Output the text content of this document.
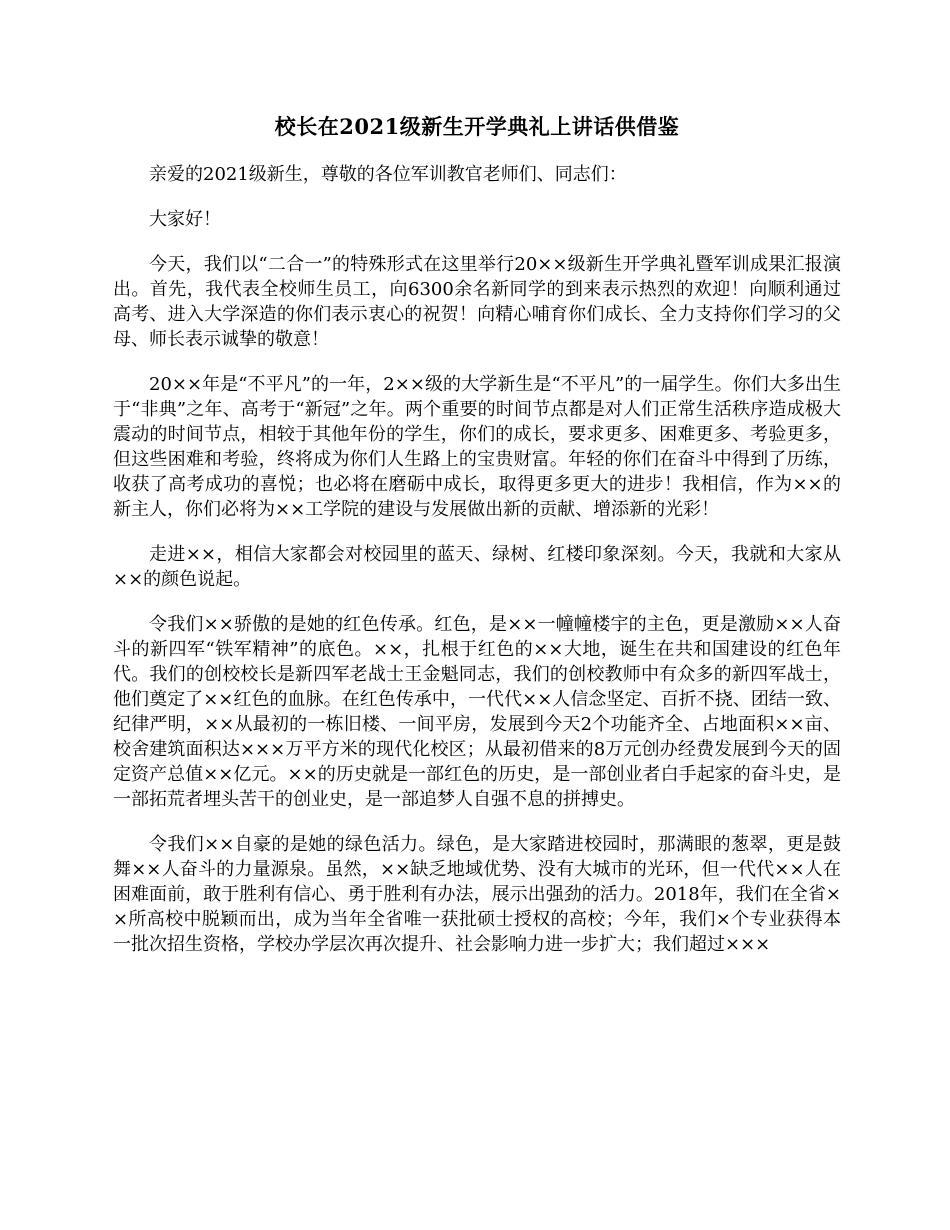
校长在2021级新生开学典礼上讲话供借鉴

亲爱的2021级新生，尊敬的各位军训教官老师们、同志们：

大家好！

今天，我们以“二合一”的特殊形式在这里举行20××级新生开学典礼暨军训成果汇报演出。首先，我代表全校师生员工，向6300余名新同学的到来表示热烈的欢迎！向顺利通过高考、进入大学深造的你们表示衷心的祝贺！向精心哺育你们成长、全力支持你们学习的父母、师长表示诚挚的敬意！

20××年是“不平凡”的一年，2××级的大学新生是“不平凡”的一届学生。你们大多出生于“非典”之年、高考于“新冠”之年。两个重要的时间节点都是对人们正常生活秩序造成极大震动的时间节点，相较于其他年份的学生，你们的成长，要求更多、困难更多、考验更多，但这些困难和考验，终将成为你们人生路上的宝贵财富。年轻的你们在奋斗中得到了历练，收获了高考成功的喜悦；也必将在磨砺中成长，取得更多更大的进步！我相信，作为××的新主人，你们必将为××工学院的建设与发展做出新的贡献、增添新的光彩！

走进××，相信大家都会对校园里的蓝天、绿树、红楼印象深刻。今天，我就和大家从××的颜色说起。

令我们××骄傲的是她的红色传承。红色，是××一幢幢楼宇的主色，更是激励××人奋斗的新四军“铁军精神”的底色。××，扎根于红色的××大地，诞生在共和国建设的红色年代。我们的创校校长是新四军老战士王金魁同志，我们的创校教师中有众多的新四军战士，他们奠定了××红色的血脉。在红色传承中，一代代××人信念坚定、百折不挠、团结一致、纪律严明，××从最初的一栋旧楼、一间平房，发展到今天2个功能齐全、占地面积××亩、校舍建筑面积达×××万平方米的现代化校区；从最初借来的8万元创办经费发展到今天的固定资产总值××亿元。××的历史就是一部红色的历史，是一部创业者白手起家的奋斗史，是一部拓荒者埋头苦干的创业史，是一部追梦人自强不息的拼搏史。

令我们××自豪的是她的绿色活力。绿色，是大家踏进校园时，那满眼的葱翠，更是鼓舞××人奋斗的力量源泉。虽然，××缺乏地域优势、没有大城市的光环，但一代代××人在困难面前，敢于胜利有信心、勇于胜利有办法，展示出强劲的活力。2018年，我们在全省××所高校中脱颖而出，成为当年全省唯一获批硕士授权的高校；今年，我们×个专业获得本一批次招生资格，学校办学层次再次提升、社会影响力进一步扩大；我们超过×××
